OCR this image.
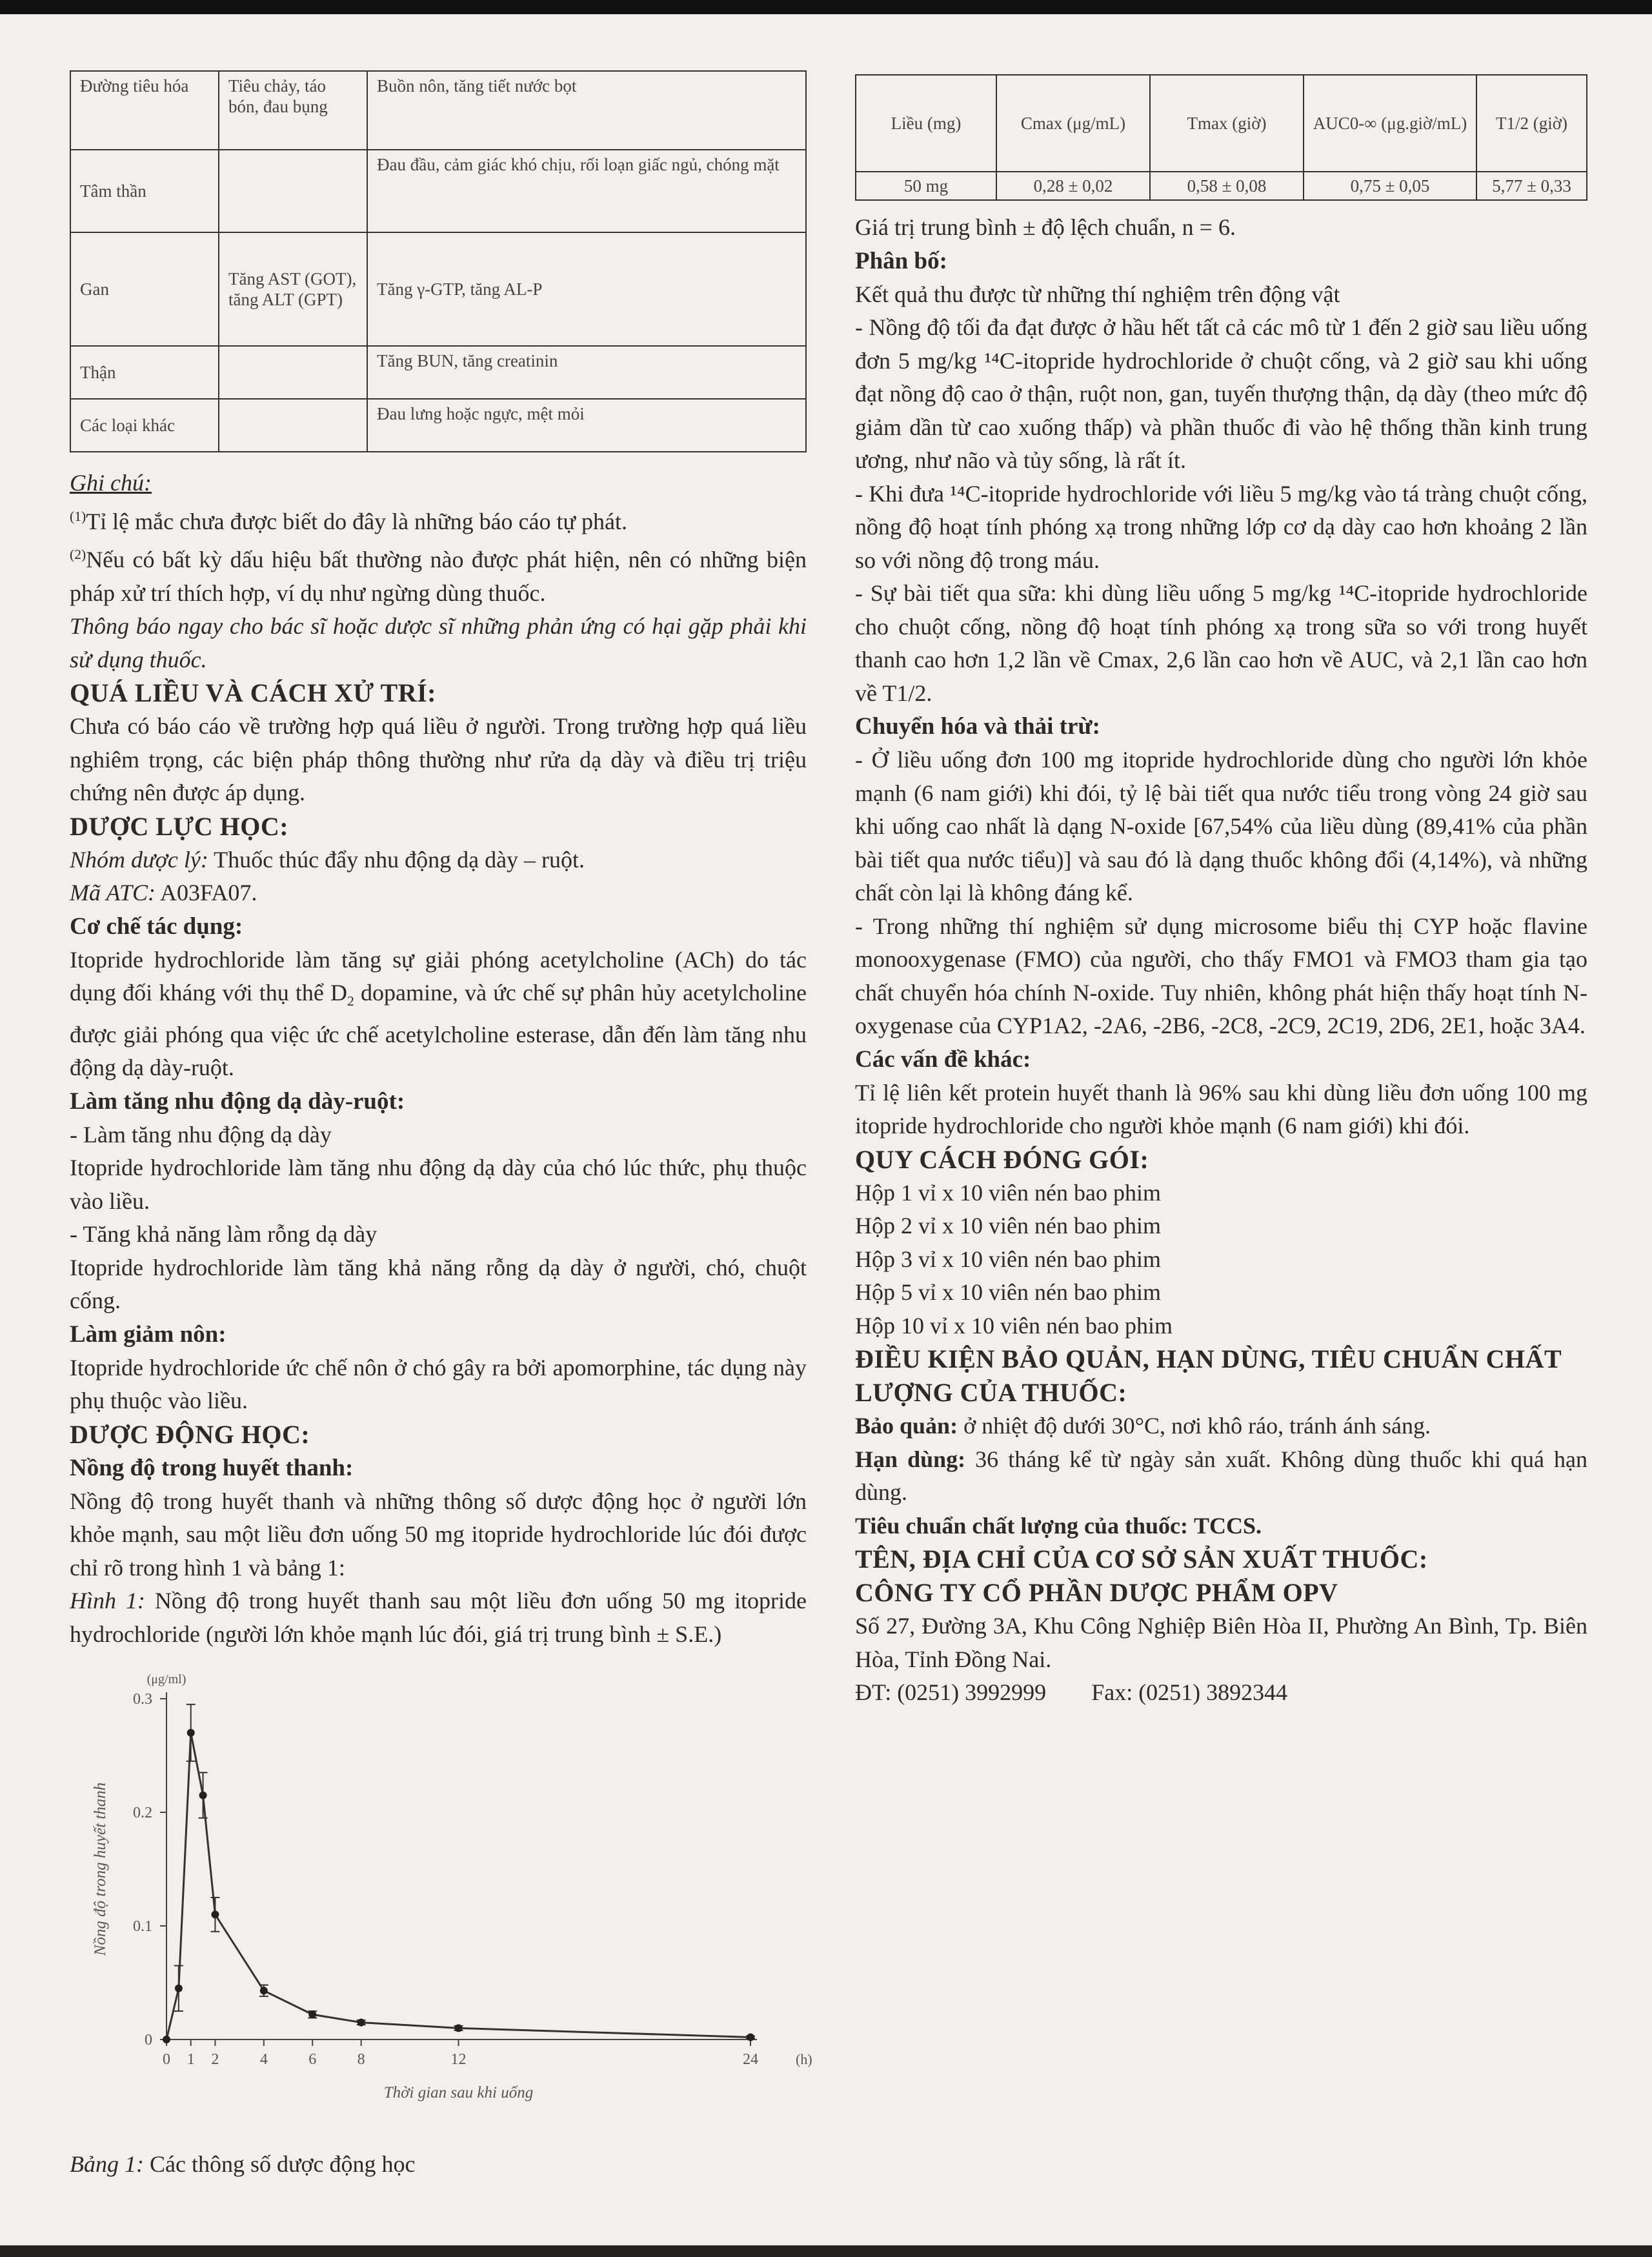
Đường tiêu hóa	Tiêu chảy, táo bón, đau bụng	Buồn nôn, tăng tiết nước bọt
Tâm thần		Đau đầu, cảm giác khó chịu, rối loạn giấc ngủ, chóng mặt
Gan	Tăng AST (GOT), tăng ALT (GPT)	Tăng γ-GTP, tăng AL-P
Thận		Tăng BUN, tăng creatinin
Các loại khác		Đau lưng hoặc ngực, mệt mỏi

Ghi chú:

$^{(1)}$Tỉ lệ mắc chưa được biết do đây là những báo cáo tự phát.

$^{(2)}$Nếu có bất kỳ dấu hiệu bất thường nào được phát hiện, nên có những biện pháp xử trí thích hợp, ví dụ như ngừng dùng thuốc.

Thông báo ngay cho bác sĩ hoặc dược sĩ những phản ứng có hại gặp phải khi sử dụng thuốc.

QUÁ LIỀU VÀ CÁCH XỬ TRÍ:

Chưa có báo cáo về trường hợp quá liều ở người. Trong trường hợp quá liều nghiêm trọng, các biện pháp thông thường như rửa dạ dày và điều trị triệu chứng nên được áp dụng.

DƯỢC LỰC HỌC:

Nhóm dược lý: Thuốc thúc đẩy nhu động dạ dày – ruột.

Mã ATC: A03FA07.

Cơ chế tác dụng:

Itopride hydrochloride làm tăng sự giải phóng acetylcholine (ACh) do tác dụng đối kháng với thụ thể $D_2$ dopamine, và ức chế sự phân hủy acetylcholine được giải phóng qua việc ức chế acetylcholine esterase, dẫn đến làm tăng nhu động dạ dày-ruột.

Làm tăng nhu động dạ dày-ruột:

- Làm tăng nhu động dạ dày

Itopride hydrochloride làm tăng nhu động dạ dày của chó lúc thức, phụ thuộc vào liều.

- Tăng khả năng làm rỗng dạ dày

Itopride hydrochloride làm tăng khả năng rỗng dạ dày ở người, chó, chuột cống.

Làm giảm nôn:

Itopride hydrochloride ức chế nôn ở chó gây ra bởi apomorphine, tác dụng này phụ thuộc vào liều.

DƯỢC ĐỘNG HỌC:

Nồng độ trong huyết thanh:

Nồng độ trong huyết thanh và những thông số dược động học ở người lớn khỏe mạnh, sau một liều đơn uống 50 mg itopride hydrochloride lúc đói được chỉ rõ trong hình 1 và bảng 1:

Hình 1: Nồng độ trong huyết thanh sau một liều đơn uống 50 mg itopride hydrochloride (người lớn khỏe mạnh lúc đói, giá trị trung bình ± S.E.)

0
0.1
0.2
0.3
0 1 2	4	6	8	12	24
(μg/ml)
(h)
Thời gian sau khi uống
Nồng độ trong huyết thanh

Bảng 1: Các thông số dược động học

Liều (mg)	Cmax (μg/mL)	Tmax (giờ)	AUC0-∞ (μg.giờ/mL)	T1/2 (giờ)
50 mg	0,28 ± 0,02	0,58 ± 0,08	0,75 ± 0,05	5,77 ± 0,33

Giá trị trung bình ± độ lệch chuẩn, n = 6.

Phân bố:

Kết quả thu được từ những thí nghiệm trên động vật

- Nồng độ tối đa đạt được ở hầu hết tất cả các mô từ 1 đến 2 giờ sau liều uống đơn 5 mg/kg ¹⁴C-itopride hydrochloride ở chuột cống, và 2 giờ sau khi uống đạt nồng độ cao ở thận, ruột non, gan, tuyến thượng thận, dạ dày (theo mức độ giảm dần từ cao xuống thấp) và phần thuốc đi vào hệ thống thần kinh trung ương, như não và tủy sống, là rất ít.

- Khi đưa ¹⁴C-itopride hydrochloride với liều 5 mg/kg vào tá tràng chuột cống, nồng độ hoạt tính phóng xạ trong những lớp cơ dạ dày cao hơn khoảng 2 lần so với nồng độ trong máu.

- Sự bài tiết qua sữa: khi dùng liều uống 5 mg/kg ¹⁴C-itopride hydrochloride cho chuột cống, nồng độ hoạt tính phóng xạ trong sữa so với trong huyết thanh cao hơn 1,2 lần về Cmax, 2,6 lần cao hơn về AUC, và 2,1 lần cao hơn về T1/2.

Chuyển hóa và thải trừ:

- Ở liều uống đơn 100 mg itopride hydrochloride dùng cho người lớn khỏe mạnh (6 nam giới) khi đói, tỷ lệ bài tiết qua nước tiểu trong vòng 24 giờ sau khi uống cao nhất là dạng N-oxide [67,54% của liều dùng (89,41% của phần bài tiết qua nước tiểu)] và sau đó là dạng thuốc không đổi (4,14%), và những chất còn lại là không đáng kể.

- Trong những thí nghiệm sử dụng microsome biểu thị CYP hoặc flavine monooxygenase (FMO) của người, cho thấy FMO1 và FMO3 tham gia tạo chất chuyển hóa chính N-oxide. Tuy nhiên, không phát hiện thấy hoạt tính N-oxygenase của CYP1A2, -2A6, -2B6, -2C8, -2C9, 2C19, 2D6, 2E1, hoặc 3A4.

Các vấn đề khác:

Tỉ lệ liên kết protein huyết thanh là 96% sau khi dùng liều đơn uống 100 mg itopride hydrochloride cho người khỏe mạnh (6 nam giới) khi đói.

QUY CÁCH ĐÓNG GÓI:

Hộp 1 vỉ x 10 viên nén bao phim

Hộp 2 vỉ x 10 viên nén bao phim

Hộp 3 vỉ x 10 viên nén bao phim

Hộp 5 vỉ x 10 viên nén bao phim

Hộp 10 vỉ x 10 viên nén bao phim

ĐIỀU KIỆN BẢO QUẢN, HẠN DÙNG, TIÊU CHUẨN CHẤT LƯỢNG CỦA THUỐC:

Bảo quản: ở nhiệt độ dưới 30°C, nơi khô ráo, tránh ánh sáng.

Hạn dùng: 36 tháng kể từ ngày sản xuất. Không dùng thuốc khi quá hạn dùng.

Tiêu chuẩn chất lượng của thuốc: TCCS.

TÊN, ĐỊA CHỈ CỦA CƠ SỞ SẢN XUẤT THUỐC:

CÔNG TY CỔ PHẦN DƯỢC PHẨM OPV

Số 27, Đường 3A, Khu Công Nghiệp Biên Hòa II, Phường An Bình, Tp. Biên Hòa, Tỉnh Đồng Nai.

ĐT: (0251) 3992999 Fax: (0251) 3892344
